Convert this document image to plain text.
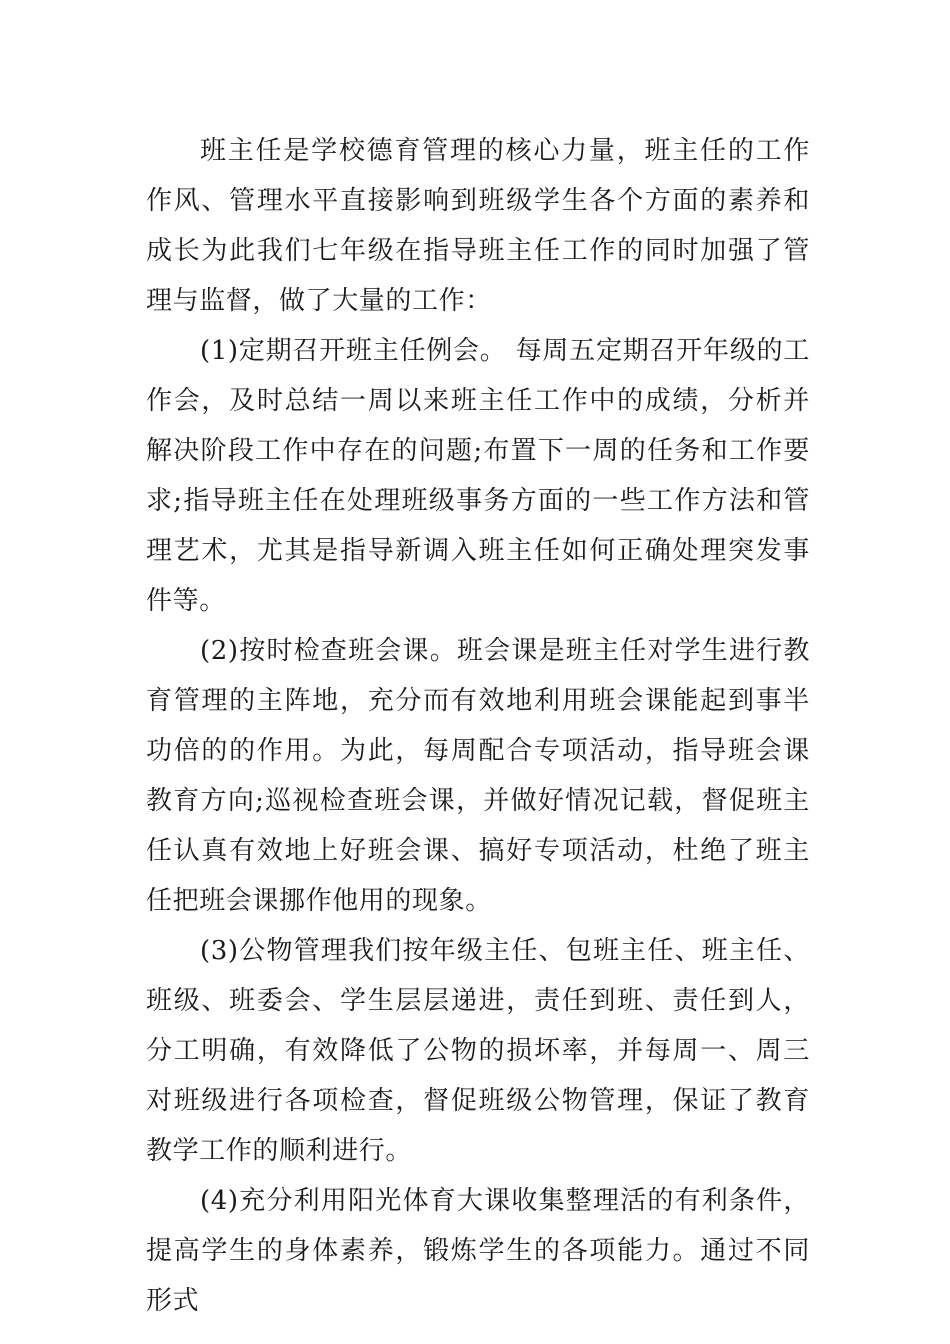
班主任是学校德育管理的核心力量，班主任的工作作风、管理水平直接影响到班级学生各个方面的素养和成长为此我们七年级在指导班主任工作的同时加强了管理与监督，做了大量的工作：

(1)定期召开班主任例会。 每周五定期召开年级的工作会，及时总结一周以来班主任工作中的成绩，分析并解决阶段工作中存在的问题;布置下一周的任务和工作要求;指导班主任在处理班级事务方面的一些工作方法和管理艺术，尤其是指导新调入班主任如何正确处理突发事件等。

(2)按时检查班会课。班会课是班主任对学生进行教育管理的主阵地，充分而有效地利用班会课能起到事半功倍的的作用。为此，每周配合专项活动，指导班会课教育方向;巡视检查班会课，并做好情况记载，督促班主任认真有效地上好班会课、搞好专项活动，杜绝了班主任把班会课挪作他用的现象。

(3)公物管理我们按年级主任、包班主任、班主任、班级、班委会、学生层层递进，责任到班、责任到人，分工明确，有效降低了公物的损坏率，并每周一、周三对班级进行各项检查，督促班级公物管理，保证了教育教学工作的顺利进行。

(4)充分利用阳光体育大课收集整理活的有利条件，提高学生的身体素养，锻炼学生的各项能力。通过不同形式
